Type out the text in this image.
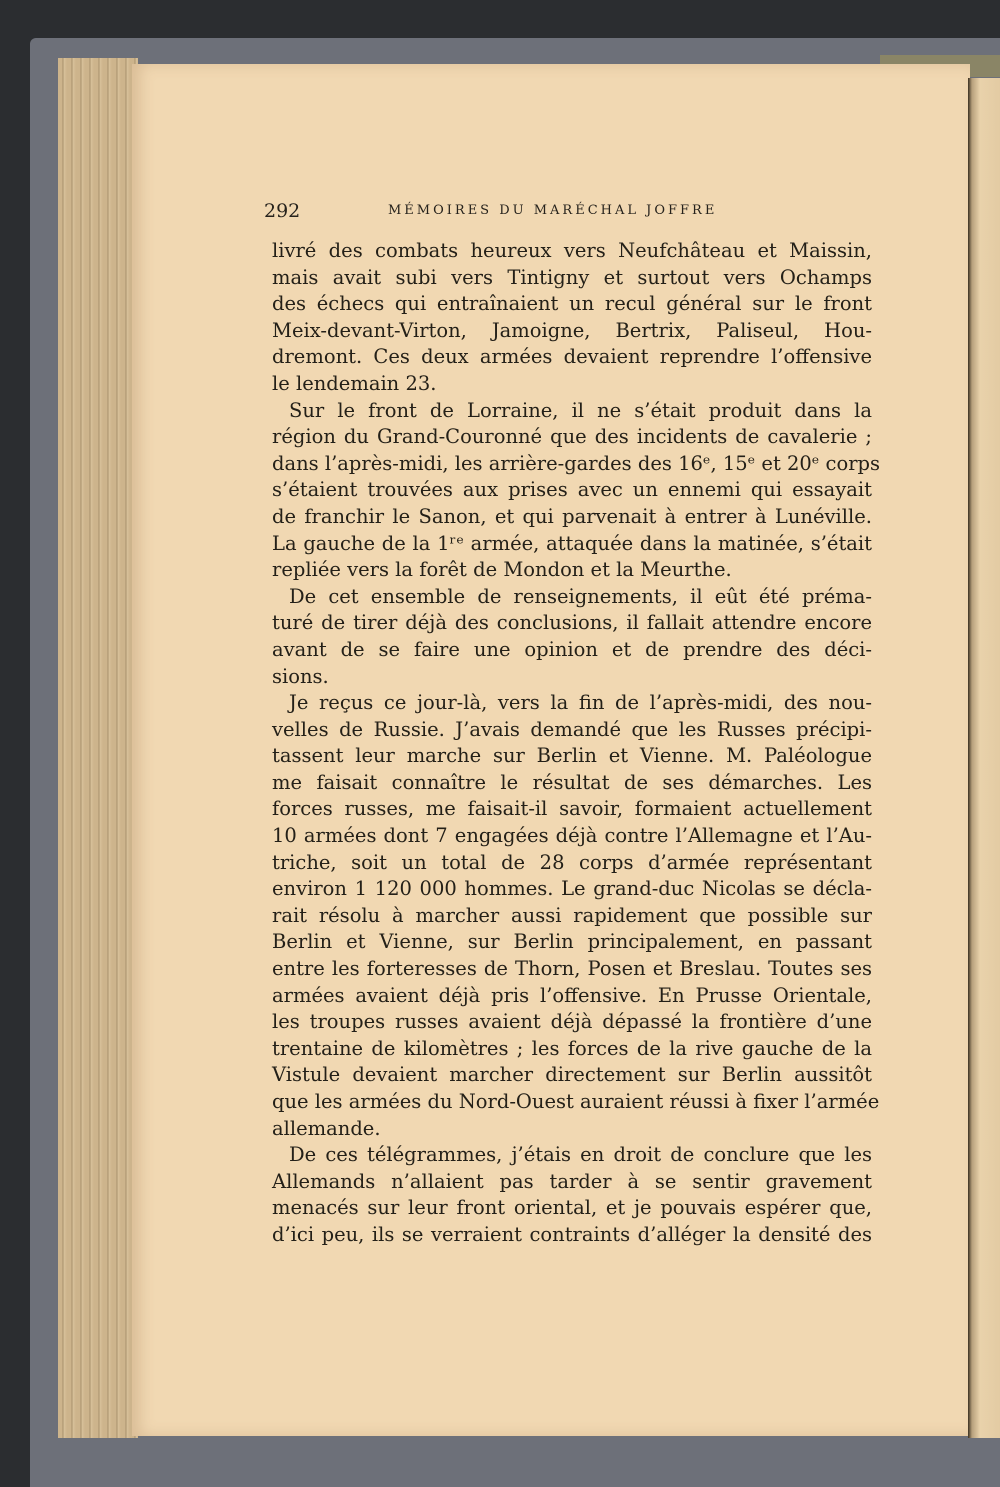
292	MÉMOIRES DU MARÉCHAL JOFFRE
livré des combats heureux vers Neufchâteau et Maissin,
mais avait subi vers Tintigny et surtout vers Ochamps
des échecs qui entraînaient un recul général sur le front
Meix-devant-Virton, Jamoigne, Bertrix, Paliseul, Hou-
dremont. Ces deux armées devaient reprendre l’offensive
le lendemain 23.
Sur le front de Lorraine, il ne s’était produit dans la
région du Grand-Couronné que des incidents de cavalerie ;
dans l’après-midi, les arrière-gardes des 16ᵉ, 15ᵉ et 20ᵉ corps
s’étaient trouvées aux prises avec un ennemi qui essayait
de franchir le Sanon, et qui parvenait à entrer à Lunéville.
La gauche de la 1ʳᵉ armée, attaquée dans la matinée, s’était
repliée vers la forêt de Mondon et la Meurthe.
De cet ensemble de renseignements, il eût été préma-
turé de tirer déjà des conclusions, il fallait attendre encore
avant de se faire une opinion et de prendre des déci-
sions.
Je reçus ce jour-là, vers la fin de l’après-midi, des nou-
velles de Russie. J’avais demandé que les Russes précipi-
tassent leur marche sur Berlin et Vienne. M. Paléologue
me faisait connaître le résultat de ses démarches. Les
forces russes, me faisait-il savoir, formaient actuellement
10 armées dont 7 engagées déjà contre l’Allemagne et l’Au-
triche, soit un total de 28 corps d’armée représentant
environ 1 120 000 hommes. Le grand-duc Nicolas se décla-
rait résolu à marcher aussi rapidement que possible sur
Berlin et Vienne, sur Berlin principalement, en passant
entre les forteresses de Thorn, Posen et Breslau. Toutes ses
armées avaient déjà pris l’offensive. En Prusse Orientale,
les troupes russes avaient déjà dépassé la frontière d’une
trentaine de kilomètres ; les forces de la rive gauche de la
Vistule devaient marcher directement sur Berlin aussitôt
que les armées du Nord-Ouest auraient réussi à fixer l’armée
allemande.
De ces télégrammes, j’étais en droit de conclure que les
Allemands n’allaient pas tarder à se sentir gravement
menacés sur leur front oriental, et je pouvais espérer que,
d’ici peu, ils se verraient contraints d’alléger la densité des
